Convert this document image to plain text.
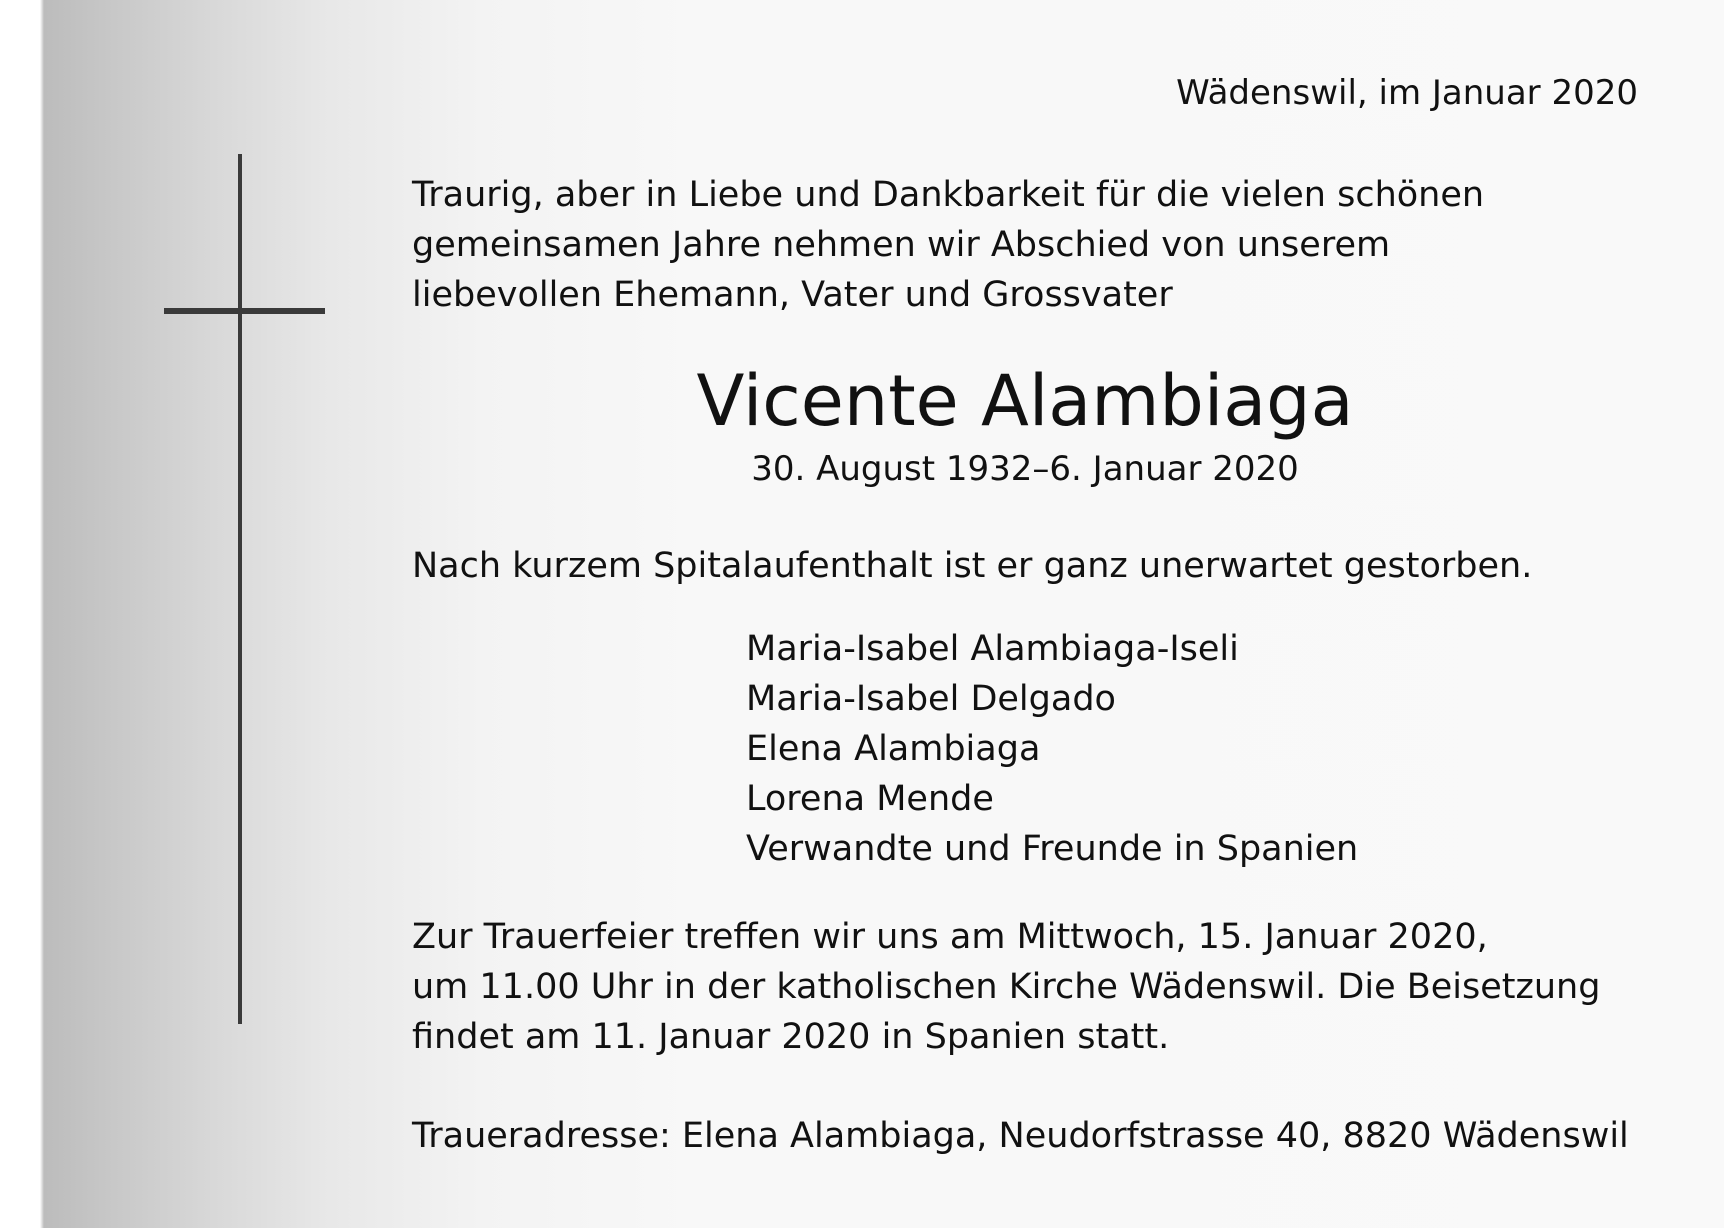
Wädenswil, im Januar 2020
Traurig, aber in Liebe und Dankbarkeit für die vielen schönen
gemeinsamen Jahre nehmen wir Abschied von unserem
liebevollen Ehemann, Vater und Grossvater
Vicente Alambiaga
30. August 1932–6. Januar 2020
Nach kurzem Spitalaufenthalt ist er ganz unerwartet gestorben.
Maria-Isabel Alambiaga-Iseli
Maria-Isabel Delgado
Elena Alambiaga
Lorena Mende
Verwandte und Freunde in Spanien
Zur Trauerfeier treffen wir uns am Mittwoch, 15. Januar 2020,
um 11.00 Uhr in der katholischen Kirche Wädenswil. Die Beisetzung
findet am 11. Januar 2020 in Spanien statt.
Traueradresse: Elena Alambiaga, Neudorfstrasse 40, 8820 Wädenswil
